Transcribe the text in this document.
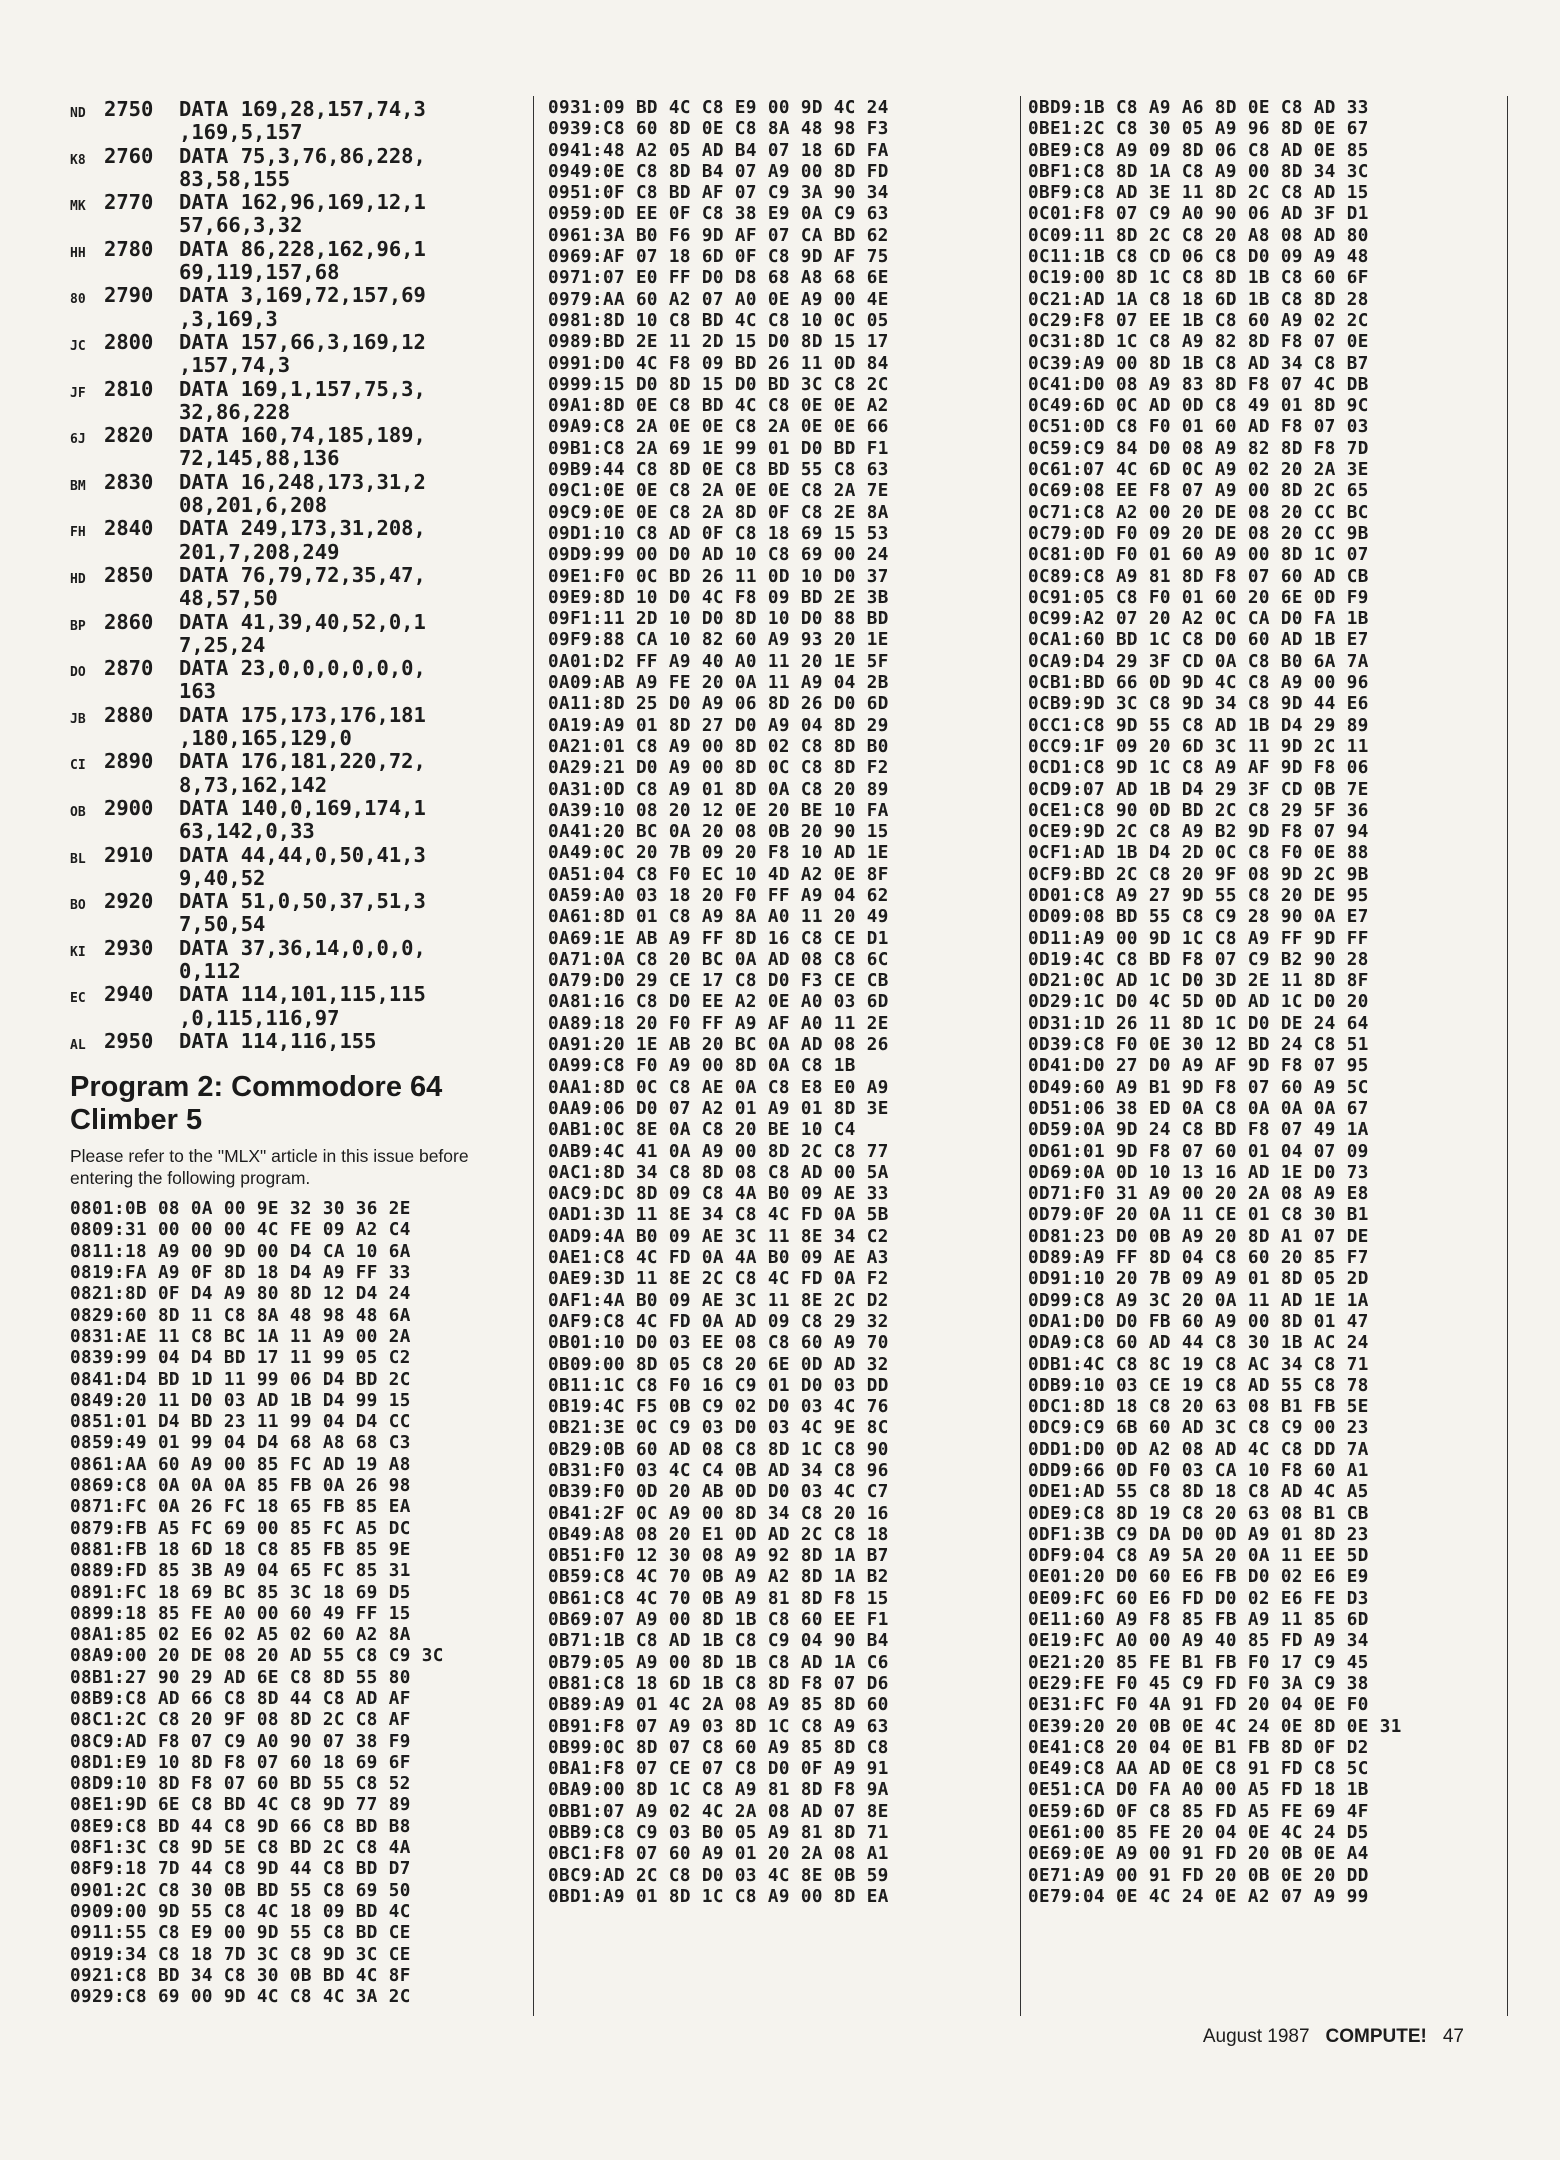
ND 2750	DATA 169,28,157,74,3
,169,5,157
K8 2760	DATA 75,3,76,86,228,
83,58,155
MK 2770	DATA 162,96,169,12,1
57,66,3,32
HH 2780	DATA 86,228,162,96,1
69,119,157,68
80 2790	DATA 3,169,72,157,69
,3,169,3
JC 2800	DATA 157,66,3,169,12
,157,74,3
JF 2810	DATA 169,1,157,75,3,
32,86,228
6J 2820	DATA 160,74,185,189,
72,145,88,136
BM 2830	DATA 16,248,173,31,2
08,201,6,208
FH 2840	DATA 249,173,31,208,
201,7,208,249
HD 2850	DATA 76,79,72,35,47,
48,57,50
BP 2860	DATA 41,39,40,52,0,1
7,25,24
DO 2870	DATA 23,0,0,0,0,0,0,
163
JB 2880	DATA 175,173,176,181
,180,165,129,0
CI 2890	DATA 176,181,220,72,
8,73,162,142
OB 2900	DATA 140,0,169,174,1
63,142,0,33
BL 2910	DATA 44,44,0,50,41,3
9,40,52
BO 2920	DATA 51,0,50,37,51,3
7,50,54
KI 2930	DATA 37,36,14,0,0,0,
0,112
EC 2940	DATA 114,101,115,115
,0,115,116,97
AL 2950	DATA 114,116,155
Program 2: Commodore 64 Climber 5
Please refer to the "MLX" article in this issue before entering the following program.
0801:0B 08 0A 00 9E 32 30 36 2E
0809:31 00 00 00 4C FE 09 A2 C4
0811:18 A9 00 9D 00 D4 CA 10 6A
0819:FA A9 0F 8D 18 D4 A9 FF 33
0821:8D 0F D4 A9 80 8D 12 D4 24
0829:60 8D 11 C8 8A 48 98 48 6A
0831:AE 11 C8 BC 1A 11 A9 00 2A
0839:99 04 D4 BD 17 11 99 05 C2
0841:D4 BD 1D 11 99 06 D4 BD 2C
0849:20 11 D0 03 AD 1B D4 99 15
0851:01 D4 BD 23 11 99 04 D4 CC
0859:49 01 99 04 D4 68 A8 68 C3
0861:AA 60 A9 00 85 FC AD 19 A8
0869:C8 0A 0A 0A 85 FB 0A 26 98
0871:FC 0A 26 FC 18 65 FB 85 EA
0879:FB A5 FC 69 00 85 FC A5 DC
0881:FB 18 6D 18 C8 85 FB 85 9E
0889:FD 85 3B A9 04 65 FC 85 31
0891:FC 18 69 BC 85 3C 18 69 D5
0899:18 85 FE A0 00 60 49 FF 15
08A1:85 02 E6 02 A5 02 60 A2 8A
08A9:00 20 DE 08 20 AD 55 C8 C9 3C
08B1:27 90 29 AD 6E C8 8D 55 80
08B9:C8 AD 66 C8 8D 44 C8 AD AF
08C1:2C C8 20 9F 08 8D 2C C8 AF
08C9:AD F8 07 C9 A0 90 07 38 F9
08D1:E9 10 8D F8 07 60 18 69 6F
08D9:10 8D F8 07 60 BD 55 C8 52
08E1:9D 6E C8 BD 4C C8 9D 77 89
08E9:C8 BD 44 C8 9D 66 C8 BD B8
08F1:3C C8 9D 5E C8 BD 2C C8 4A
08F9:18 7D 44 C8 9D 44 C8 BD D7
0901:2C C8 30 0B BD 55 C8 69 50
0909:00 9D 55 C8 4C 18 09 BD 4C
0911:55 C8 E9 00 9D 55 C8 BD CE
0919:34 C8 18 7D 3C C8 9D 3C CE
0921:C8 BD 34 C8 30 0B BD 4C 8F
0929:C8 69 00 9D 4C C8 4C 3A 2C
0931:09 BD 4C C8 E9 00 9D 4C 24
0939:C8 60 8D 0E C8 8A 48 98 F3
0941:48 A2 05 AD B4 07 18 6D FA
0949:0E C8 8D B4 07 A9 00 8D FD
0951:0F C8 BD AF 07 C9 3A 90 34
0959:0D EE 0F C8 38 E9 0A C9 63
0961:3A B0 F6 9D AF 07 CA BD 62
0969:AF 07 18 6D 0F C8 9D AF 75
0971:07 E0 FF D0 D8 68 A8 68 6E
0979:AA 60 A2 07 A0 0E A9 00 4E
0981:8D 10 C8 BD 4C C8 10 0C 05
0989:BD 2E 11 2D 15 D0 8D 15 17
0991:D0 4C F8 09 BD 26 11 0D 84
0999:15 D0 8D 15 D0 BD 3C C8 2C
09A1:8D 0E C8 BD 4C C8 0E 0E A2
09A9:C8 2A 0E 0E C8 2A 0E 0E 66
09B1:C8 2A 69 1E 99 01 D0 BD F1
09B9:44 C8 8D 0E C8 BD 55 C8 63
09C1:0E 0E C8 2A 0E 0E C8 2A 7E
09C9:0E 0E C8 2A 8D 0F C8 2E 8A
09D1:10 C8 AD 0F C8 18 69 15 53
09D9:99 00 D0 AD 10 C8 69 00 24
09E1:F0 0C BD 26 11 0D 10 D0 37
09E9:8D 10 D0 4C F8 09 BD 2E 3B
09F1:11 2D 10 D0 8D 10 D0 88 BD
09F9:88 CA 10 82 60 A9 93 20 1E
0A01:D2 FF A9 40 A0 11 20 1E 5F
0A09:AB A9 FE 20 0A 11 A9 04 2B
0A11:8D 25 D0 A9 06 8D 26 D0 6D
0A19:A9 01 8D 27 D0 A9 04 8D 29
0A21:01 C8 A9 00 8D 02 C8 8D B0
0A29:21 D0 A9 00 8D 0C C8 8D F2
0A31:0D C8 A9 01 8D 0A C8 20 89
0A39:10 08 20 12 0E 20 BE 10 FA
0A41:20 BC 0A 20 08 0B 20 90 15
0A49:0C 20 7B 09 20 F8 10 AD 1E
0A51:04 C8 F0 EC 10 4D A2 0E 8F
0A59:A0 03 18 20 F0 FF A9 04 62
0A61:8D 01 C8 A9 8A A0 11 20 49
0A69:1E AB A9 FF 8D 16 C8 CE D1
0A71:0A C8 20 BC 0A AD 08 C8 6C
0A79:D0 29 CE 17 C8 D0 F3 CE CB
0A81:16 C8 D0 EE A2 0E A0 03 6D
0A89:18 20 F0 FF A9 AF A0 11 2E
0A91:20 1E AB 20 BC 0A AD 08 26
0A99:C8 F0 A9 00 8D 0A C8 1B
0AA1:8D 0C C8 AE 0A C8 E8 E0 A9
0AA9:06 D0 07 A2 01 A9 01 8D 3E
0AB1:0C 8E 0A C8 20 BE 10 C4
0AB9:4C 41 0A A9 00 8D 2C C8 77
0AC1:8D 34 C8 8D 08 C8 AD 00 5A
0AC9:DC 8D 09 C8 4A B0 09 AE 33
0AD1:3D 11 8E 34 C8 4C FD 0A 5B
0AD9:4A B0 09 AE 3C 11 8E 34 C2
0AE1:C8 4C FD 0A 4A B0 09 AE A3
0AE9:3D 11 8E 2C C8 4C FD 0A F2
0AF1:4A B0 09 AE 3C 11 8E 2C D2
0AF9:C8 4C FD 0A AD 09 C8 29 32
0B01:10 D0 03 EE 08 C8 60 A9 70
0B09:00 8D 05 C8 20 6E 0D AD 32
0B11:1C C8 F0 16 C9 01 D0 03 DD
0B19:4C F5 0B C9 02 D0 03 4C 76
0B21:3E 0C C9 03 D0 03 4C 9E 8C
0B29:0B 60 AD 08 C8 8D 1C C8 90
0B31:F0 03 4C C4 0B AD 34 C8 96
0B39:F0 0D 20 AB 0D D0 03 4C C7
0B41:2F 0C A9 00 8D 34 C8 20 16
0B49:A8 08 20 E1 0D AD 2C C8 18
0B51:F0 12 30 08 A9 92 8D 1A B7
0B59:C8 4C 70 0B A9 A2 8D 1A B2
0B61:C8 4C 70 0B A9 81 8D F8 15
0B69:07 A9 00 8D 1B C8 60 EE F1
0B71:1B C8 AD 1B C8 C9 04 90 B4
0B79:05 A9 00 8D 1B C8 AD 1A C6
0B81:C8 18 6D 1B C8 8D F8 07 D6
0B89:A9 01 4C 2A 08 A9 85 8D 60
0B91:F8 07 A9 03 8D 1C C8 A9 63
0B99:0C 8D 07 C8 60 A9 85 8D C8
0BA1:F8 07 CE 07 C8 D0 0F A9 91
0BA9:00 8D 1C C8 A9 81 8D F8 9A
0BB1:07 A9 02 4C 2A 08 AD 07 8E
0BB9:C8 C9 03 B0 05 A9 81 8D 71
0BC1:F8 07 60 A9 01 20 2A 08 A1
0BC9:AD 2C C8 D0 03 4C 8E 0B 59
0BD1:A9 01 8D 1C C8 A9 00 8D EA
0BD9:1B C8 A9 A6 8D 0E C8 AD 33
0BE1:2C C8 30 05 A9 96 8D 0E 67
0BE9:C8 A9 09 8D 06 C8 AD 0E 85
0BF1:C8 8D 1A C8 A9 00 8D 34 3C
0BF9:C8 AD 3E 11 8D 2C C8 AD 15
0C01:F8 07 C9 A0 90 06 AD 3F D1
0C09:11 8D 2C C8 20 A8 08 AD 80
0C11:1B C8 CD 06 C8 D0 09 A9 48
0C19:00 8D 1C C8 8D 1B C8 60 6F
0C21:AD 1A C8 18 6D 1B C8 8D 28
0C29:F8 07 EE 1B C8 60 A9 02 2C
0C31:8D 1C C8 A9 82 8D F8 07 0E
0C39:A9 00 8D 1B C8 AD 34 C8 B7
0C41:D0 08 A9 83 8D F8 07 4C DB
0C49:6D 0C AD 0D C8 49 01 8D 9C
0C51:0D C8 F0 01 60 AD F8 07 03
0C59:C9 84 D0 08 A9 82 8D F8 7D
0C61:07 4C 6D 0C A9 02 20 2A 3E
0C69:08 EE F8 07 A9 00 8D 2C 65
0C71:C8 A2 00 20 DE 08 20 CC BC
0C79:0D F0 09 20 DE 08 20 CC 9B
0C81:0D F0 01 60 A9 00 8D 1C 07
0C89:C8 A9 81 8D F8 07 60 AD CB
0C91:05 C8 F0 01 60 20 6E 0D F9
0C99:A2 07 20 A2 0C CA D0 FA 1B
0CA1:60 BD 1C C8 D0 60 AD 1B E7
0CA9:D4 29 3F CD 0A C8 B0 6A 7A
0CB1:BD 66 0D 9D 4C C8 A9 00 96
0CB9:9D 3C C8 9D 34 C8 9D 44 E6
0CC1:C8 9D 55 C8 AD 1B D4 29 89
0CC9:1F 09 20 6D 3C 11 9D 2C 11
0CD1:C8 9D 1C C8 A9 AF 9D F8 06
0CD9:07 AD 1B D4 29 3F CD 0B 7E
0CE1:C8 90 0D BD 2C C8 29 5F 36
0CE9:9D 2C C8 A9 B2 9D F8 07 94
0CF1:AD 1B D4 2D 0C C8 F0 0E 88
0CF9:BD 2C C8 20 9F 08 9D 2C 9B
0D01:C8 A9 27 9D 55 C8 20 DE 95
0D09:08 BD 55 C8 C9 28 90 0A E7
0D11:A9 00 9D 1C C8 A9 FF 9D FF
0D19:4C C8 BD F8 07 C9 B2 90 28
0D21:0C AD 1C D0 3D 2E 11 8D 8F
0D29:1C D0 4C 5D 0D AD 1C D0 20
0D31:1D 26 11 8D 1C D0 DE 24 64
0D39:C8 F0 0E 30 12 BD 24 C8 51
0D41:D0 27 D0 A9 AF 9D F8 07 95
0D49:60 A9 B1 9D F8 07 60 A9 5C
0D51:06 38 ED 0A C8 0A 0A 0A 67
0D59:0A 9D 24 C8 BD F8 07 49 1A
0D61:01 9D F8 07 60 01 04 07 09
0D69:0A 0D 10 13 16 AD 1E D0 73
0D71:F0 31 A9 00 20 2A 08 A9 E8
0D79:0F 20 0A 11 CE 01 C8 30 B1
0D81:23 D0 0B A9 20 8D A1 07 DE
0D89:A9 FF 8D 04 C8 60 20 85 F7
0D91:10 20 7B 09 A9 01 8D 05 2D
0D99:C8 A9 3C 20 0A 11 AD 1E 1A
0DA1:D0 D0 FB 60 A9 00 8D 01 47
0DA9:C8 60 AD 44 C8 30 1B AC 24
0DB1:4C C8 8C 19 C8 AC 34 C8 71
0DB9:10 03 CE 19 C8 AD 55 C8 78
0DC1:8D 18 C8 20 63 08 B1 FB 5E
0DC9:C9 6B 60 AD 3C C8 C9 00 23
0DD1:D0 0D A2 08 AD 4C C8 DD 7A
0DD9:66 0D F0 03 CA 10 F8 60 A1
0DE1:AD 55 C8 8D 18 C8 AD 4C A5
0DE9:C8 8D 19 C8 20 63 08 B1 CB
0DF1:3B C9 DA D0 0D A9 01 8D 23
0DF9:04 C8 A9 5A 20 0A 11 EE 5D
0E01:20 D0 60 E6 FB D0 02 E6 E9
0E09:FC 60 E6 FD D0 02 E6 FE D3
0E11:60 A9 F8 85 FB A9 11 85 6D
0E19:FC A0 00 A9 40 85 FD A9 34
0E21:20 85 FE B1 FB F0 17 C9 45
0E29:FE F0 45 C9 FD F0 3A C9 38
0E31:FC F0 4A 91 FD 20 04 0E F0
0E39:20 20 0B 0E 4C 24 0E 8D 0E 31
0E41:C8 20 04 0E B1 FB 8D 0F D2
0E49:C8 AA AD 0E C8 91 FD C8 5C
0E51:CA D0 FA A0 00 A5 FD 18 1B
0E59:6D 0F C8 85 FD A5 FE 69 4F
0E61:00 85 FE 20 04 0E 4C 24 D5
0E69:0E A9 00 91 FD 20 0B 0E A4
0E71:A9 00 91 FD 20 0B 0E 20 DD
0E79:04 0E 4C 24 0E A2 07 A9 99
August 1987 COMPUTE! 47
